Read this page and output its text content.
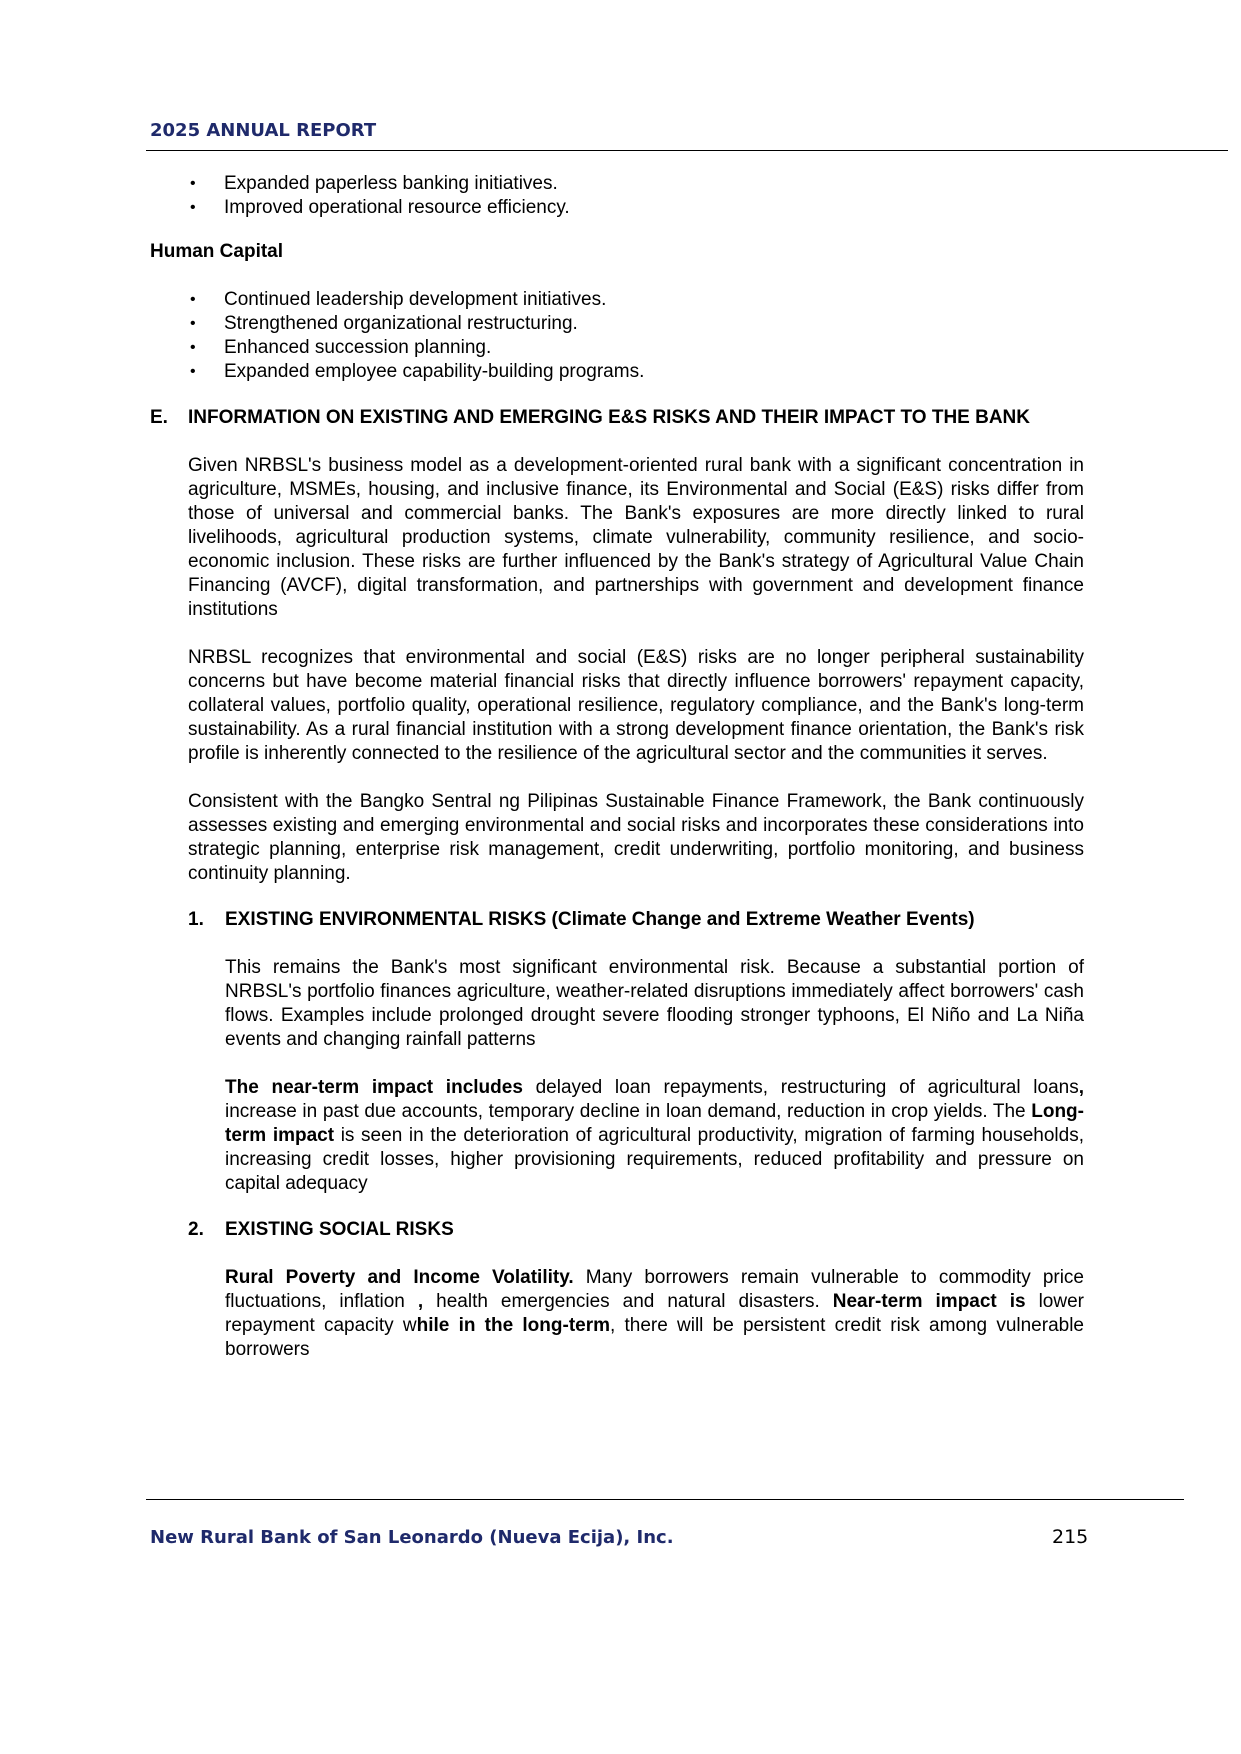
2025 ANNUAL REPORT
• Expanded paperless banking initiatives.
• Improved operational resource efficiency.
Human Capital
• Continued leadership development initiatives.
• Strengthened organizational restructuring.
• Enhanced succession planning.
• Expanded employee capability-building programs.
E.	INFORMATION ON EXISTING AND EMERGING E&S RISKS AND THEIR IMPACT TO THE BANK

Given NRBSL's business model as a development-oriented rural bank with a significant concentration in agriculture, MSMEs, housing, and inclusive finance, its Environmental and Social (E&S) risks differ from those of universal and commercial banks. The Bank's exposures are more directly linked to rural livelihoods, agricultural production systems, climate vulnerability, community resilience, and socio-economic inclusion. These risks are further influenced by the Bank's strategy of Agricultural Value Chain Financing (AVCF), digital transformation, and partnerships with government and development finance institutions

NRBSL recognizes that environmental and social (E&S) risks are no longer peripheral sustainability concerns but have become material financial risks that directly influence borrowers' repayment capacity, collateral values, portfolio quality, operational resilience, regulatory compliance, and the Bank's long-term sustainability. As a rural financial institution with a strong development finance orientation, the Bank's risk profile is inherently connected to the resilience of the agricultural sector and the communities it serves.

Consistent with the Bangko Sentral ng Pilipinas Sustainable Finance Framework, the Bank continuously assesses existing and emerging environmental and social risks and incorporates these considerations into strategic planning, enterprise risk management, credit underwriting, portfolio monitoring, and business continuity planning.

1.	EXISTING ENVIRONMENTAL RISKS (Climate Change and Extreme Weather Events)

This remains the Bank's most significant environmental risk. Because a substantial portion of NRBSL's portfolio finances agriculture, weather-related disruptions immediately affect borrowers' cash flows. Examples include prolonged drought severe flooding stronger typhoons, El Niño and La Niña events and changing rainfall patterns

The near-term impact includes delayed loan repayments, restructuring of agricultural loans, increase in past due accounts, temporary decline in loan demand, reduction in crop yields. The Long-term impact is seen in the deterioration of agricultural productivity, migration of farming households, increasing credit losses, higher provisioning requirements, reduced profitability and pressure on capital adequacy

2.	EXISTING SOCIAL RISKS

Rural Poverty and Income Volatility. Many borrowers remain vulnerable to commodity price fluctuations, inflation , health emergencies and natural disasters. Near-term impact is lower repayment capacity while in the long-term, there will be persistent credit risk among vulnerable borrowers

New Rural Bank of San Leonardo (Nueva Ecija), Inc.	215
